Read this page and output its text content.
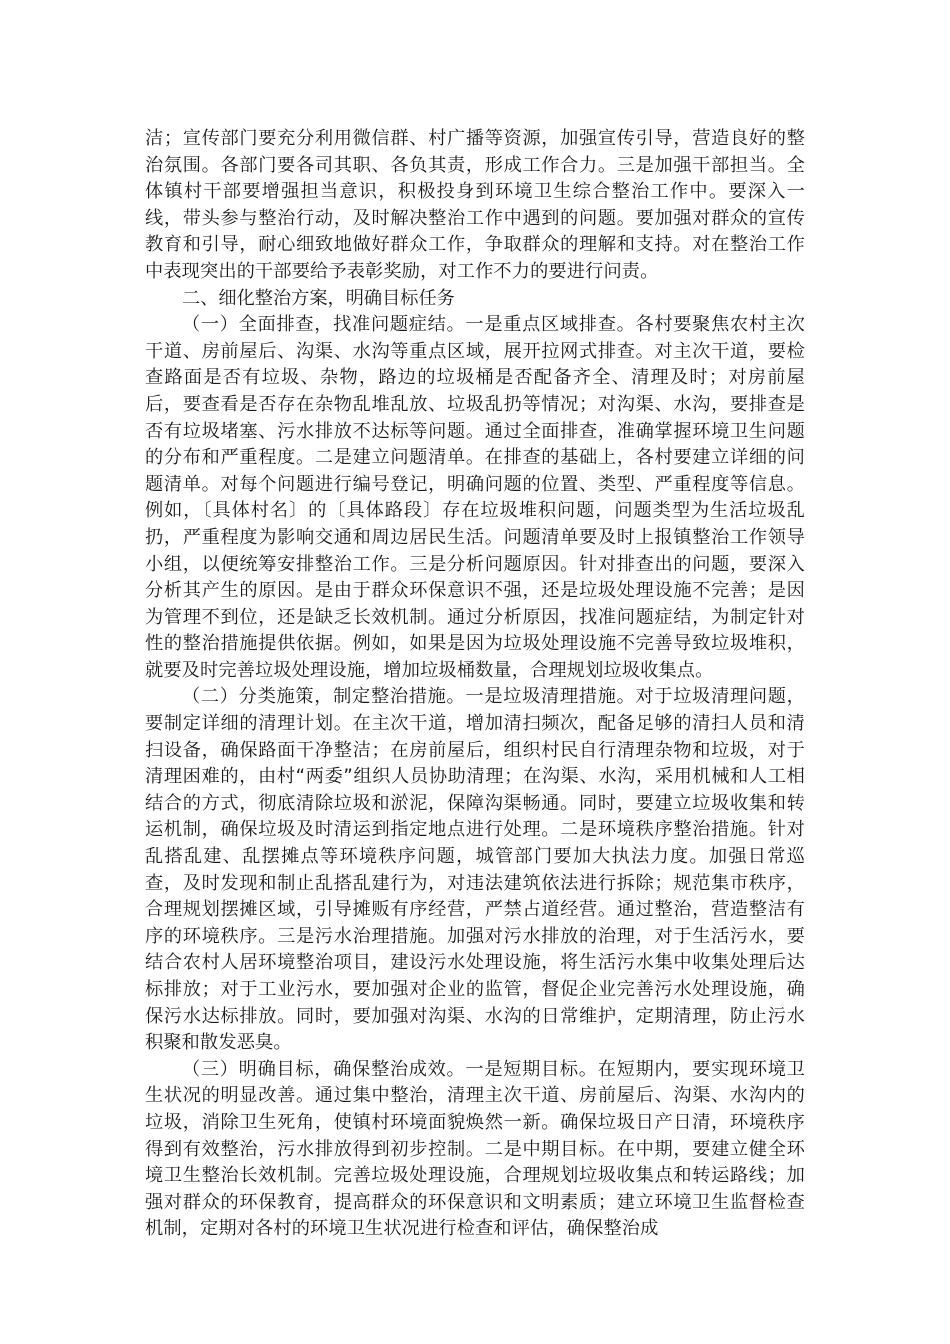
洁；宣传部门要充分利用微信群、村广播等资源，加强宣传引导，营造良好的整治氛围。各部门要各司其职、各负其责，形成工作合力。三是加强干部担当。全体镇村干部要增强担当意识，积极投身到环境卫生综合整治工作中。要深入一线，带头参与整治行动，及时解决整治工作中遇到的问题。要加强对群众的宣传教育和引导，耐心细致地做好群众工作，争取群众的理解和支持。对在整治工作中表现突出的干部要给予表彰奖励，对工作不力的要进行问责。

二、细化整治方案，明确目标任务

（一）全面排查，找准问题症结。一是重点区域排查。各村要聚焦农村主次干道、房前屋后、沟渠、水沟等重点区域，展开拉网式排查。对主次干道，要检查路面是否有垃圾、杂物，路边的垃圾桶是否配备齐全、清理及时；对房前屋后，要查看是否存在杂物乱堆乱放、垃圾乱扔等情况；对沟渠、水沟，要排查是否有垃圾堵塞、污水排放不达标等问题。通过全面排查，准确掌握环境卫生问题的分布和严重程度。二是建立问题清单。在排查的基础上，各村要建立详细的问题清单。对每个问题进行编号登记，明确问题的位置、类型、严重程度等信息。例如，〔具体村名〕的〔具体路段〕存在垃圾堆积问题，问题类型为生活垃圾乱扔，严重程度为影响交通和周边居民生活。问题清单要及时上报镇整治工作领导小组，以便统筹安排整治工作。三是分析问题原因。针对排查出的问题，要深入分析其产生的原因。是由于群众环保意识不强，还是垃圾处理设施不完善；是因为管理不到位，还是缺乏长效机制。通过分析原因，找准问题症结，为制定针对性的整治措施提供依据。例如，如果是因为垃圾处理设施不完善导致垃圾堆积，就要及时完善垃圾处理设施，增加垃圾桶数量，合理规划垃圾收集点。

（二）分类施策，制定整治措施。一是垃圾清理措施。对于垃圾清理问题，要制定详细的清理计划。在主次干道，增加清扫频次，配备足够的清扫人员和清扫设备，确保路面干净整洁；在房前屋后，组织村民自行清理杂物和垃圾，对于清理困难的，由村“两委”组织人员协助清理；在沟渠、水沟，采用机械和人工相结合的方式，彻底清除垃圾和淤泥，保障沟渠畅通。同时，要建立垃圾收集和转运机制，确保垃圾及时清运到指定地点进行处理。二是环境秩序整治措施。针对乱搭乱建、乱摆摊点等环境秩序问题，城管部门要加大执法力度。加强日常巡查，及时发现和制止乱搭乱建行为，对违法建筑依法进行拆除；规范集市秩序，合理规划摆摊区域，引导摊贩有序经营，严禁占道经营。通过整治，营造整洁有序的环境秩序。三是污水治理措施。加强对污水排放的治理，对于生活污水，要结合农村人居环境整治项目，建设污水处理设施，将生活污水集中收集处理后达标排放；对于工业污水，要加强对企业的监管，督促企业完善污水处理设施，确保污水达标排放。同时，要加强对沟渠、水沟的日常维护，定期清理，防止污水积聚和散发恶臭。

（三）明确目标，确保整治成效。一是短期目标。在短期内，要实现环境卫生状况的明显改善。通过集中整治，清理主次干道、房前屋后、沟渠、水沟内的垃圾，消除卫生死角，使镇村环境面貌焕然一新。确保垃圾日产日清，环境秩序得到有效整治，污水排放得到初步控制。二是中期目标。在中期，要建立健全环境卫生整治长效机制。完善垃圾处理设施，合理规划垃圾收集点和转运路线；加强对群众的环保教育，提高群众的环保意识和文明素质；建立环境卫生监督检查机制，定期对各村的环境卫生状况进行检查和评估，确保整治成
